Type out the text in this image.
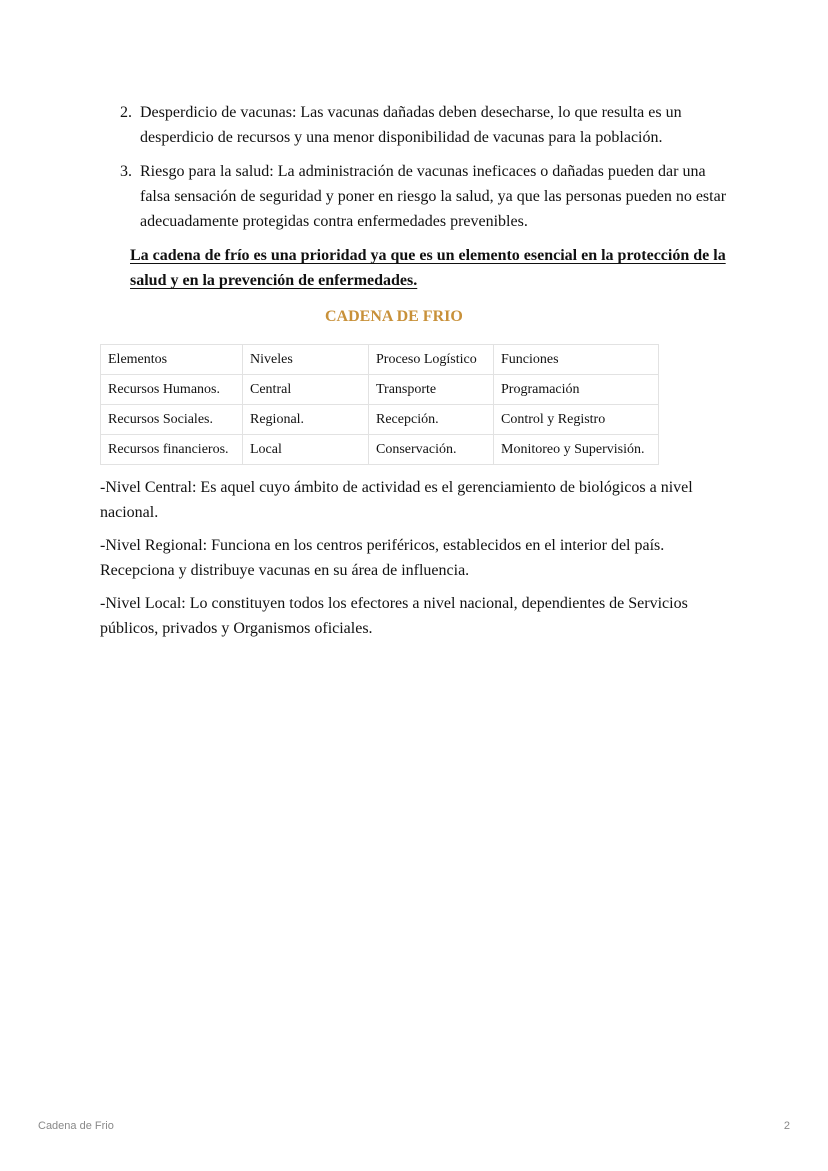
2. Desperdicio de vacunas: Las vacunas dañadas deben desecharse, lo que resulta es un desperdicio de recursos y una menor disponibilidad de vacunas para la población.
3. Riesgo para la salud: La administración de vacunas ineficaces o dañadas pueden dar una falsa sensación de seguridad y poner en riesgo la salud, ya que las personas pueden no estar adecuadamente protegidas contra enfermedades prevenibles.

La cadena de frío es una prioridad ya que es un elemento esencial en la protección de la salud y en la prevención de enfermedades.

CADENA DE FRIO
Elementos	Niveles	Proceso Logístico	Funciones
Recursos Humanos.	Central	Transporte	Programación
Recursos Sociales.	Regional.	Recepción.	Control y Registro
Recursos financieros.	Local	Conservación.	Monitoreo y Supervisión.

-Nivel Central: Es aquel cuyo ámbito de actividad es el gerenciamiento de biológicos a nivel nacional.

-Nivel Regional: Funciona en los centros periféricos, establecidos en el interior del país. Recepciona y distribuye vacunas en su área de influencia.

-Nivel Local: Lo constituyen todos los efectores a nivel nacional, dependientes de Servicios públicos, privados y Organismos oficiales.

Cadena de Frio	2
